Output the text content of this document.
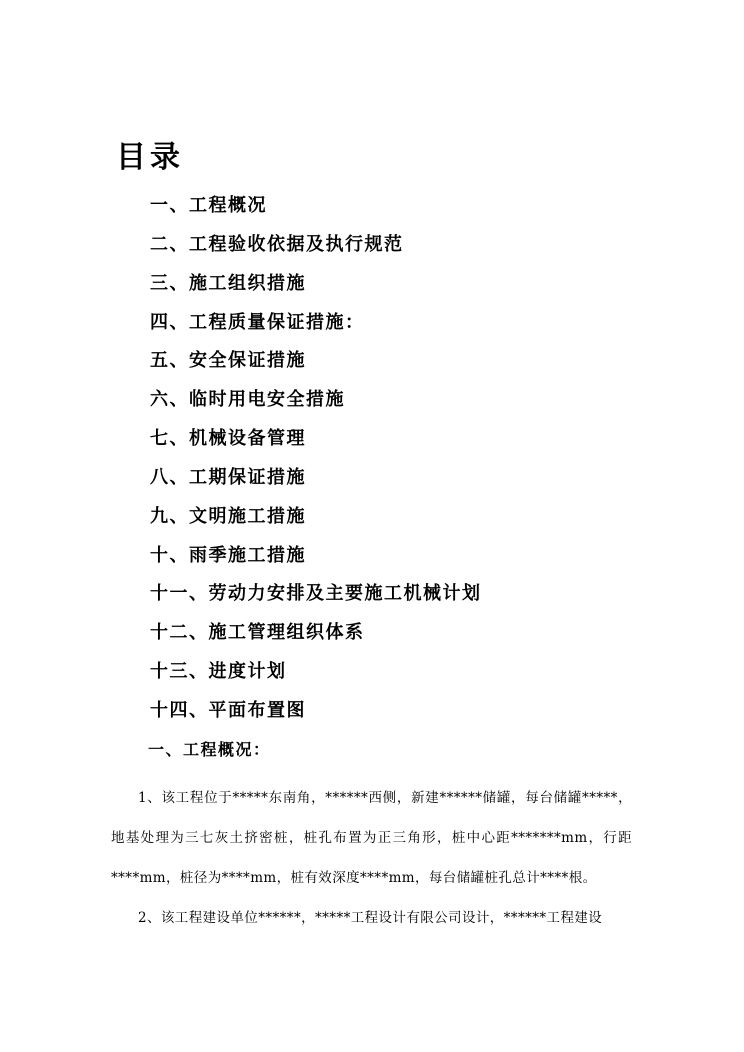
目录
一、工程概况
二、工程验收依据及执行规范
三、施工组织措施
四、工程质量保证措施：
五、安全保证措施
六、临时用电安全措施
七、机械设备管理
八、工期保证措施
九、文明施工措施
十、雨季施工措施
十一、劳动力安排及主要施工机械计划
十二、施工管理组织体系
十三、进度计划
十四、平面布置图
一、工程概况：

1、该工程位于*****东南角，******西侧，新建******储罐，每台储罐*****，地基处理为三七灰土挤密桩，桩孔布置为正三角形，桩中心距*******mm，行距****mm，桩径为****mm，桩有效深度****mm，每台储罐桩孔总计****根。

2、该工程建设单位******，*****工程设计有限公司设计，******工程建设
